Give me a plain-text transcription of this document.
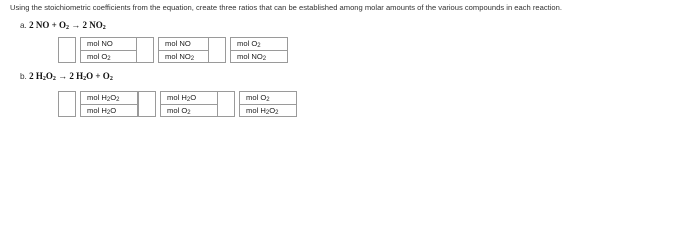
Using the stoichiometric coefficients from the equation, create three ratios that can be established among molar amounts of the various compounds in each reaction.
a. 2 NO + $O_2 \to 2$ $NO_2$
mol NO
mol $O_2$
mol NO
mol $NO_2$
mol $O_2$
mol $NO_2$
b. 2 $H_2O_2 \to 2$ $H_2O + O_2$
mol $H_2O_2$
mol $H_2O$
mol $H_2O$
mol $O_2$
mol $O_2$
mol $H_2O_2$
